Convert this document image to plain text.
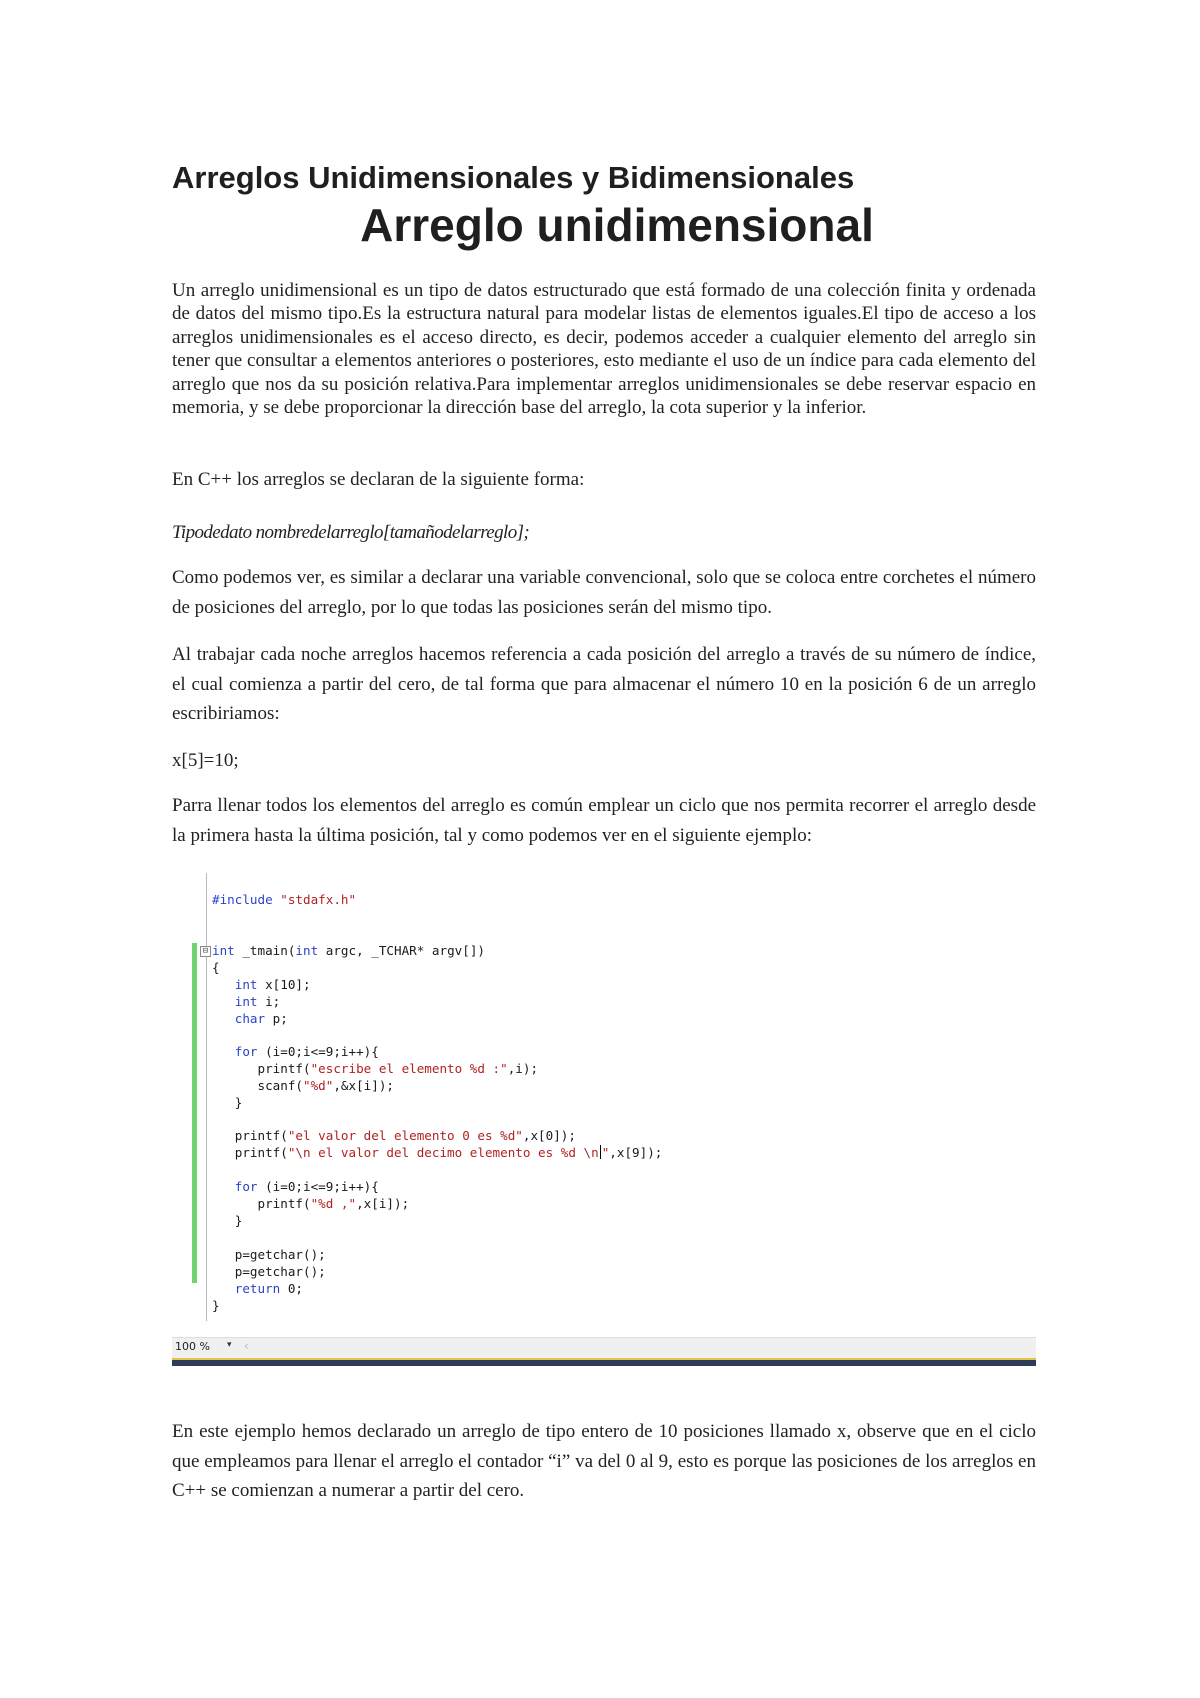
Arreglos Unidimensionales y Bidimensionales
Arreglo unidimensional

Un arreglo unidimensional es un tipo de datos estructurado que está formado de una colección finita y ordenada de datos del mismo tipo.Es la estructura natural para modelar listas de elementos iguales.El tipo de acceso a los arreglos unidimensionales es el acceso directo, es decir, podemos acceder a cualquier elemento del arreglo sin tener que consultar a elementos anteriores o posteriores, esto mediante el uso de un índice para cada elemento del arreglo que nos da su posición relativa.Para implementar arreglos unidimensionales se debe reservar espacio en memoria, y se debe proporcionar la dirección base del arreglo, la cota superior y la inferior.

En C++ los arreglos se declaran de la siguiente forma:

Tipodedato nombredelarreglo[tamañodelarreglo];

Como podemos ver, es similar a declarar una variable convencional, solo que se coloca entre corchetes el número de posiciones del arreglo, por lo que todas las posiciones serán del mismo tipo.

Al trabajar cada noche arreglos hacemos referencia a cada posición del arreglo a través de su número de índice, el cual comienza a partir del cero, de tal forma que para almacenar el número 10 en la posición 6 de un arreglo escribiriamos:

x[5]=10;

Parra llenar todos los elementos del arreglo es común emplear un ciclo que nos permita recorrer el arreglo desde la primera hasta la última posición, tal y como podemos ver en el siguiente ejemplo:

⊟
#include "stdafx.h"
int _tmain(int argc, _TCHAR* argv[])
{
int x[10];
int i;
char p;
for (i=0;i<=9;i++){
printf("escribe el elemento %d :",i);
scanf("%d",&x[i]);
}
printf("el valor del elemento 0 es %d",x[0]);
printf("\n el valor del decimo elemento es %d \n ",x[9]);
for (i=0;i<=9;i++){
printf("%d ,",x[i]);
}
p=getchar();
p=getchar();
return 0;
}
100 % ▾ ‹

En este ejemplo hemos declarado un arreglo de tipo entero de 10 posiciones llamado x, observe que en el ciclo que empleamos para llenar el arreglo el contador “i” va del 0 al 9, esto es porque las posiciones de los arreglos en C++ se comienzan a numerar a partir del cero.
